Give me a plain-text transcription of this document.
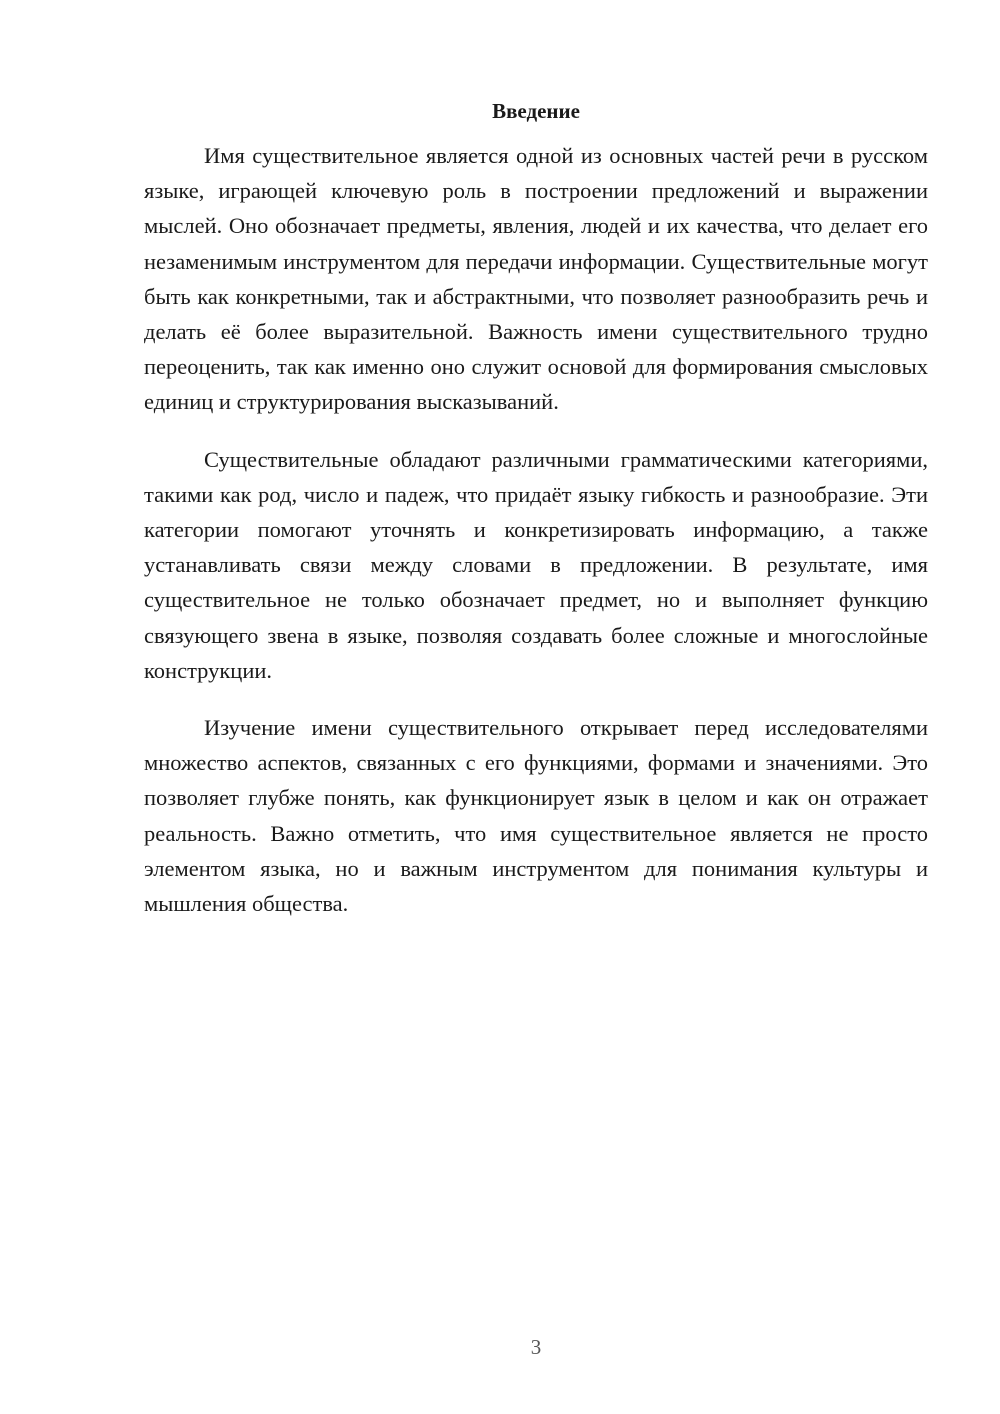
Введение

Имя существительное является одной из основных частей речи в русском языке, играющей ключевую роль в построении предложений и выражении мыслей. Оно обозначает предметы, явления, людей и их качества, что делает его незаменимым инструментом для передачи информации. Существительные могут быть как конкретными, так и абстрактными, что позволяет разнообразить речь и делать её более выразительной. Важность имени существительного трудно переоценить, так как именно оно служит основой для формирования смысловых единиц и структурирования высказываний.

Существительные обладают различными грамматическими категориями, такими как род, число и падеж, что придаёт языку гибкость и разнообразие. Эти категории помогают уточнять и конкретизировать информацию, а также устанавливать связи между словами в предложении. В результате, имя существительное не только обозначает предмет, но и выполняет функцию связующего звена в языке, позволяя создавать более сложные и многослойные конструкции.

Изучение имени существительного открывает перед исследователями множество аспектов, связанных с его функциями, формами и значениями. Это позволяет глубже понять, как функционирует язык в целом и как он отражает реальность. Важно отметить, что имя существительное является не просто элементом языка, но и важным инструментом для понимания культуры и мышления общества.

3
